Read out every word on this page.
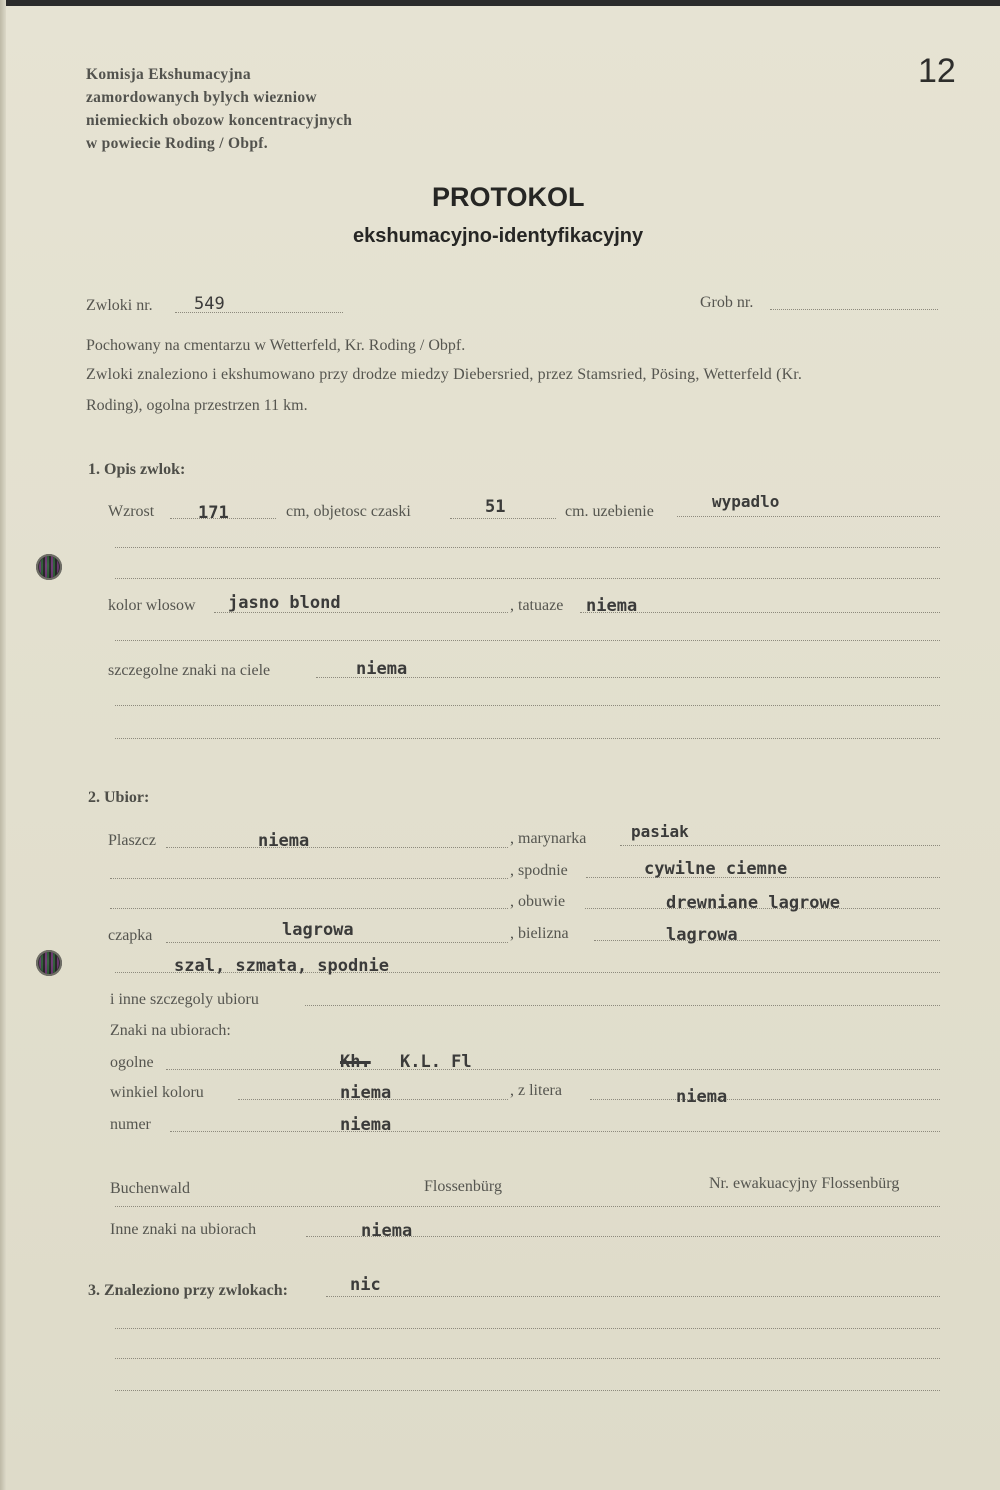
Komisja Ekshumacyjna
zamordowanych bylych wiezniow
niemieckich obozow koncentracyjnych
w powiecie Roding / Obpf.
12
PROTOKOL
ekshumacyjno-identyfikacyjny
Zwloki nr. 549	Grob nr.
Pochowany na cmentarzu w Wetterfeld, Kr. Roding / Obpf.
Zwloki znaleziono i ekshumowano przy drodze miedzy Diebersried, przez Stamsried, Pösing, Wetterfeld (Kr.
Roding), ogolna przestrzen 11 km.
1. Opis zwlok:
Wzrost	171	cm, objetosc czaski	51	cm. uzebienie
wypadlo
kolor wlosow jasno blond	, tatuaze niema
szczegolne znaki na ciele	niema
2. Ubior:
Plaszcz	niema	, marynarka	pasiak
, spodnie	cywilne ciemne
, obuwie	drewniane lagrowe
czapka	lagrowa	, bielizna	lagrowa
szal, szmata, spodnie
i inne szczegoly ubioru
Znaki na ubiorach:
ogolne	Kh. K.L. Fl
winkiel koloru	niema	, z litera	niema
numer	niema
Buchenwald	Flossenbürg	Nr. ewakuacyjny Flossenbürg
Inne znaki na ubiorach	niema
3. Znaleziono przy zwlokach:	nic
